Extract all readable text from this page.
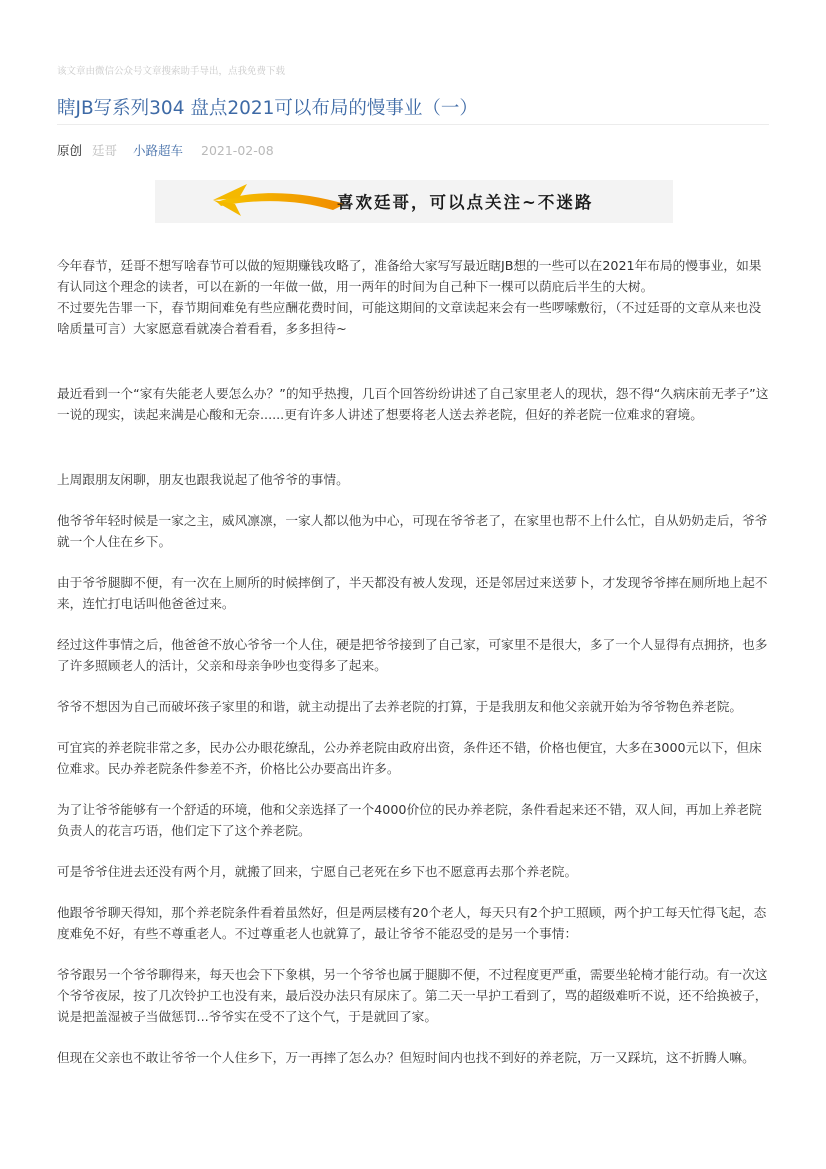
该文章由微信公众号文章搜索助手导出，点我免费下载
瞎JB写系列304 盘点2021可以布局的慢事业（一）
原创 廷哥 小路超车 2021-02-08
喜欢廷哥，可以点关注~不迷路

今年春节，廷哥不想写啥春节可以做的短期赚钱攻略了，准备给大家写写最近瞎JB想的一些可以在2021年布局的慢事业，如果有认同这个理念的读者，可以在新的一年做一做，用一两年的时间为自己种下一棵可以荫庇后半生的大树。

不过要先告罪一下，春节期间难免有些应酬花费时间，可能这期间的文章读起来会有一些啰嗦敷衍，（不过廷哥的文章从来也没啥质量可言）大家愿意看就凑合着看看，多多担待~

最近看到一个“家有失能老人要怎么办？”的知乎热搜，几百个回答纷纷讲述了自己家里老人的现状，怨不得“久病床前无孝子”这一说的现实，读起来满是心酸和无奈......更有许多人讲述了想要将老人送去养老院，但好的养老院一位难求的窘境。

上周跟朋友闲聊，朋友也跟我说起了他爷爷的事情。

他爷爷年轻时候是一家之主，威风凛凛，一家人都以他为中心，可现在爷爷老了，在家里也帮不上什么忙，自从奶奶走后，爷爷就一个人住在乡下。

由于爷爷腿脚不便，有一次在上厕所的时候摔倒了，半天都没有被人发现，还是邻居过来送萝卜，才发现爷爷摔在厕所地上起不来，连忙打电话叫他爸爸过来。

经过这件事情之后，他爸爸不放心爷爷一个人住，硬是把爷爷接到了自己家，可家里不是很大，多了一个人显得有点拥挤，也多了许多照顾老人的活计，父亲和母亲争吵也变得多了起来。

爷爷不想因为自己而破坏孩子家里的和谐，就主动提出了去养老院的打算，于是我朋友和他父亲就开始为爷爷物色养老院。

可宜宾的养老院非常之多，民办公办眼花缭乱，公办养老院由政府出资，条件还不错，价格也便宜，大多在3000元以下，但床位难求。民办养老院条件参差不齐，价格比公办要高出许多。

为了让爷爷能够有一个舒适的环境，他和父亲选择了一个4000价位的民办养老院，条件看起来还不错，双人间，再加上养老院负责人的花言巧语，他们定下了这个养老院。

可是爷爷住进去还没有两个月，就搬了回来，宁愿自己老死在乡下也不愿意再去那个养老院。

他跟爷爷聊天得知，那个养老院条件看着虽然好，但是两层楼有20个老人，每天只有2个护工照顾，两个护工每天忙得飞起，态度难免不好，有些不尊重老人。不过尊重老人也就算了，最让爷爷不能忍受的是另一个事情：

爷爷跟另一个爷爷聊得来，每天也会下下象棋，另一个爷爷也属于腿脚不便，不过程度更严重，需要坐轮椅才能行动。有一次这个爷爷夜尿，按了几次铃护工也没有来，最后没办法只有尿床了。第二天一早护工看到了，骂的超级难听不说，还不给换被子，说是把盖湿被子当做惩罚...爷爷实在受不了这个气，于是就回了家。

但现在父亲也不敢让爷爷一个人住乡下，万一再摔了怎么办？但短时间内也找不到好的养老院，万一又踩坑，这不折腾人嘛。
